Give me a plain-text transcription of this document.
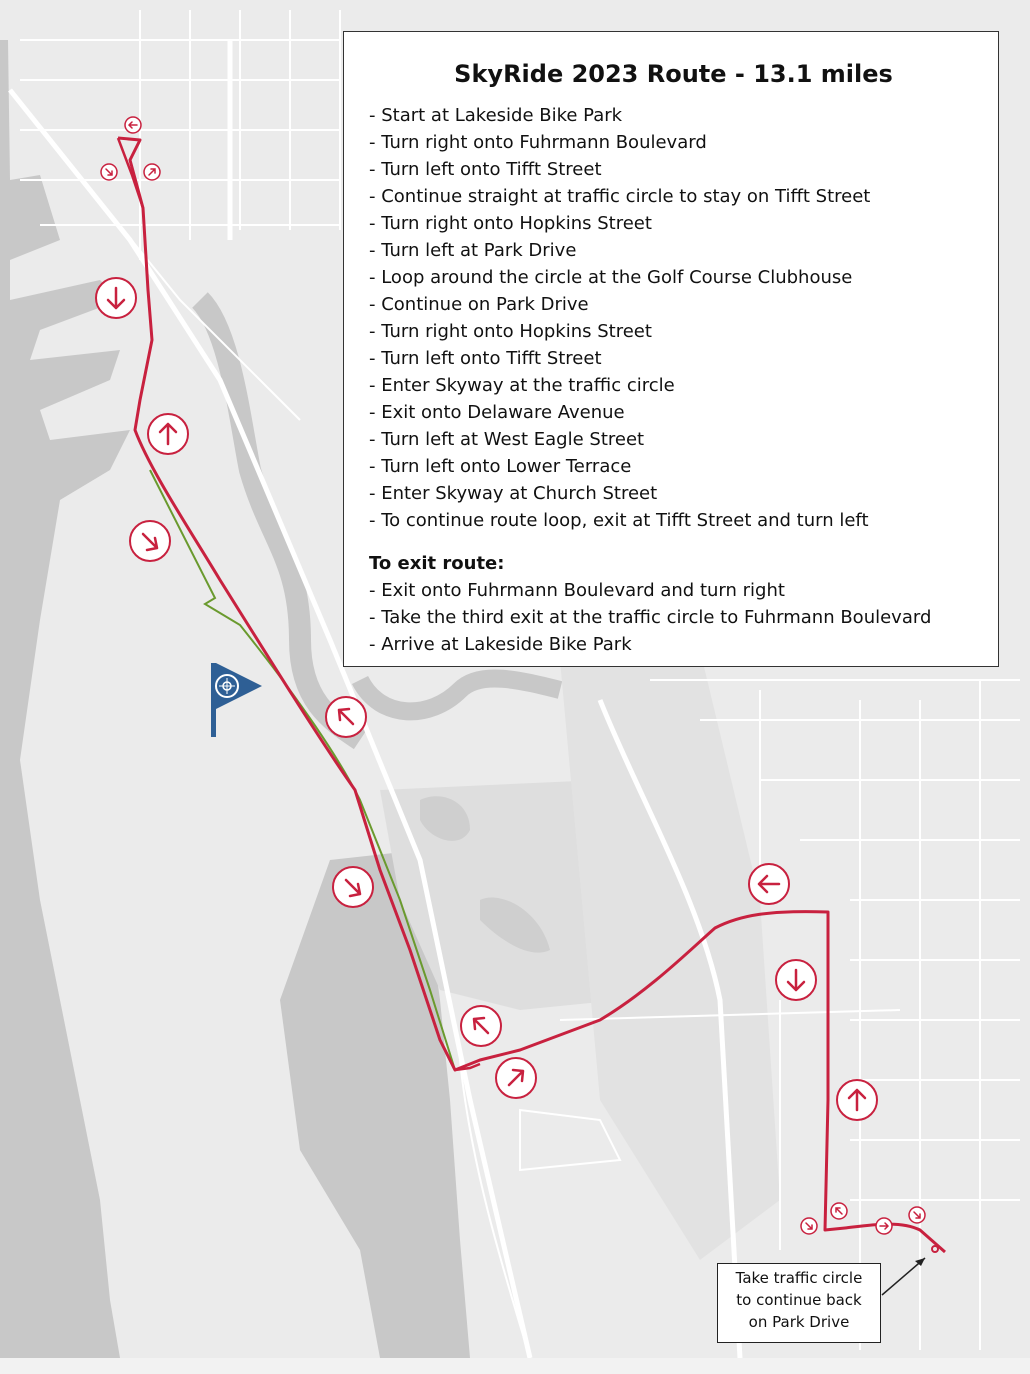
SkyRide 2023 Route - 13.1 miles
- Start at Lakeside Bike Park
- Turn right onto Fuhrmann Boulevard
- Turn left onto Tifft Street
- Continue straight at traffic circle to stay on Tifft Street
- Turn right onto Hopkins Street
- Turn left at Park Drive
- Loop around the circle at the Golf Course Clubhouse
- Continue on Park Drive
- Turn right onto Hopkins Street
- Turn left onto Tifft Street
- Enter Skyway at the traffic circle
- Exit onto Delaware Avenue
- Turn left at West Eagle Street
- Turn left onto Lower Terrace
- Enter Skyway at Church Street
- To continue route loop, exit at Tifft Street and turn left
To exit route:
- Exit onto Fuhrmann Boulevard and turn right
- Take the third exit at the traffic circle to Fuhrmann Boulevard
- Arrive at Lakeside Bike Park
Take traffic circle
to continue back
on Park Drive
